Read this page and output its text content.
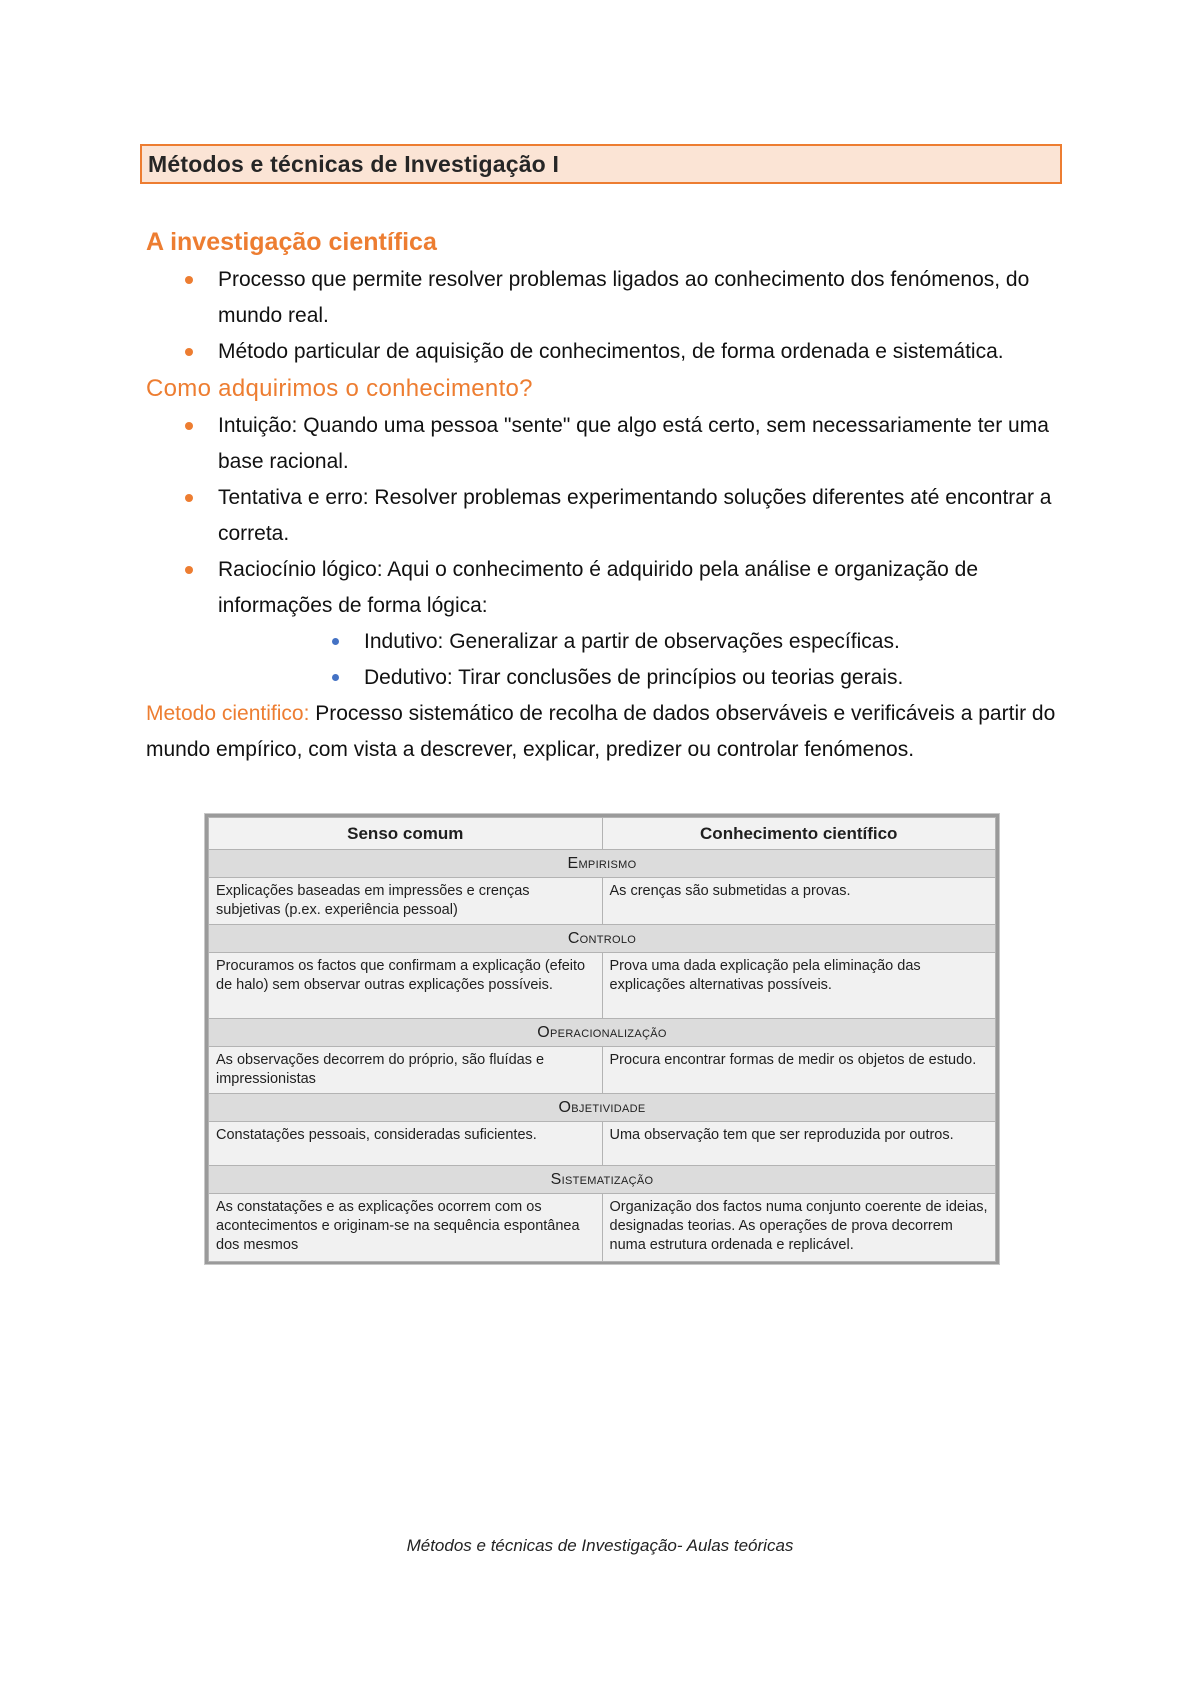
Métodos e técnicas de Investigação I
A investigação científica
Processo que permite resolver problemas ligados ao conhecimento dos fenómenos, do mundo real.
Método particular de aquisição de conhecimentos, de forma ordenada e sistemática.
Como adquirimos o conhecimento?
Intuição: Quando uma pessoa "sente" que algo está certo, sem necessariamente ter uma base racional.
Tentativa e erro: Resolver problemas experimentando soluções diferentes até encontrar a correta.
Raciocínio lógico: Aqui o conhecimento é adquirido pela análise e organização de informações de forma lógica:
Indutivo: Generalizar a partir de observações específicas.
Dedutivo: Tirar conclusões de princípios ou teorias gerais.

Metodo cientifico: Processo sistemático de recolha de dados observáveis e verificáveis a partir do mundo empírico, com vista a descrever, explicar, predizer ou controlar fenómenos.

Senso comum	Conhecimento científico
Empirismo	
Explicações baseadas em impressões e crenças subjetivas (p.ex. experiência pessoal)	As crenças são submetidas a provas.
Controlo	
Procuramos os factos que confirmam a explicação (efeito de halo) sem observar outras explicações possíveis.	Prova uma dada explicação pela eliminação das explicações alternativas possíveis.
Operacionalização	
As observações decorrem do próprio, são fluídas e impressionistas	Procura encontrar formas de medir os objetos de estudo.
Objetividade	
Constatações pessoais, consideradas suficientes.	Uma observação tem que ser reproduzida por outros.
Sistematização	
As constatações e as explicações ocorrem com os acontecimentos e originam-se na sequência espontânea dos mesmos	Organização dos factos numa conjunto coerente de ideias, designadas teorias. As operações de prova decorrem numa estrutura ordenada e replicável.
Métodos e técnicas de Investigação- Aulas teóricas
